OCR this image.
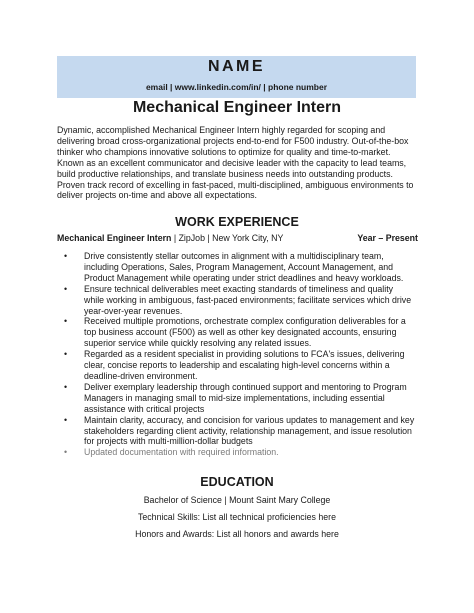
NAME
email | www.linkedin.com/in/ | phone number
Mechanical Engineer Intern

Dynamic, accomplished Mechanical Engineer Intern highly regarded for scoping and delivering broad cross-organizational projects end-to-end for F500 industry. Out-of-the-box thinker who champions innovative solutions to optimize for quality and time-to-market. Known as an excellent communicator and decisive leader with the capacity to lead teams, build productive relationships, and translate business needs into outstanding products. Proven track record of excelling in fast-paced, multi-disciplined, ambiguous environments to deliver projects on-time and above all expectations.

WORK EXPERIENCE
Mechanical Engineer Intern | ZipJob | New York City, NY	Year – Present
•	Drive consistently stellar outcomes in alignment with a multidisciplinary team, including Operations, Sales, Program Management, Account Management, and Product Management while operating under strict deadlines and heavy workloads.
•	Ensure technical deliverables meet exacting standards of timeliness and quality while working in ambiguous, fast-paced environments; facilitate services which drive year-over-year revenues.
•	Received multiple promotions, orchestrate complex configuration deliverables for a top business account (F500) as well as other key designated accounts, ensuring superior service while quickly resolving any related issues.
•	Regarded as a resident specialist in providing solutions to FCA's issues, delivering clear, concise reports to leadership and escalating high-level concerns within a deadline-driven environment.
•	Deliver exemplary leadership through continued support and mentoring to Program Managers in managing small to mid-size implementations, including essential assistance with critical projects
•	Maintain clarity, accuracy, and concision for various updates to management and key stakeholders regarding client activity, relationship management, and issue resolution for projects with multi-million-dollar budgets
•	Updated documentation with required information.
EDUCATION
Bachelor of Science | Mount Saint Mary College
Technical Skills: List all technical proficiencies here
Honors and Awards: List all honors and awards here
